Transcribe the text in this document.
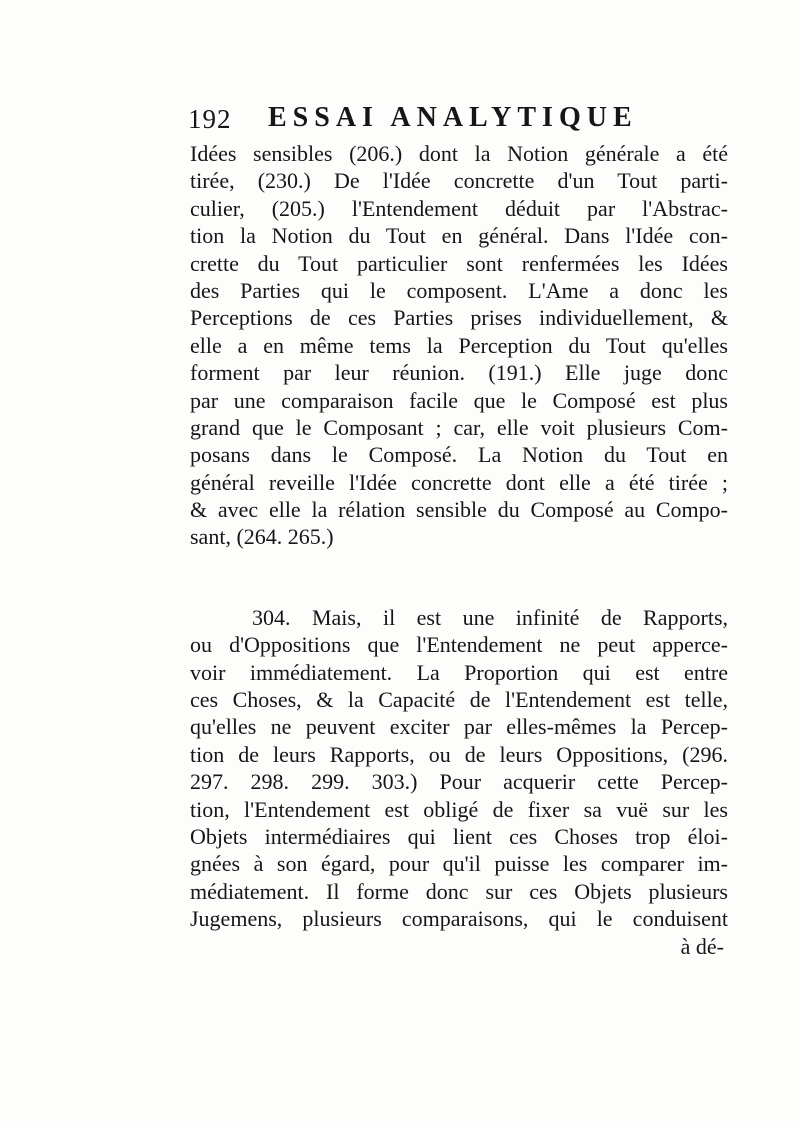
192 ESSAI ANALYTIQUE
Idées sensibles (206.) dont la Notion générale a été
tirée, (230.) De l'Idée concrette d'un Tout parti-
culier, (205.) l'Entendement déduit par l'Abstrac-
tion la Notion du Tout en général. Dans l'Idée con-
crette du Tout particulier sont renfermées les Idées
des Parties qui le composent. L'Ame a donc les
Perceptions de ces Parties prises individuellement, &
elle a en même tems la Perception du Tout qu'elles
forment par leur réunion. (191.) Elle juge donc
par une comparaison facile que le Composé est plus
grand que le Composant ; car, elle voit plusieurs Com-
posans dans le Composé. La Notion du Tout en
général reveille l'Idée concrette dont elle a été tirée ;
& avec elle la rélation sensible du Composé au Compo-
sant, (264. 265.)
304. Mais, il est une infinité de Rapports,
ou d'Oppositions que l'Entendement ne peut apperce-
voir immédiatement. La Proportion qui est entre
ces Choses, & la Capacité de l'Entendement est telle,
qu'elles ne peuvent exciter par elles-mêmes la Percep-
tion de leurs Rapports, ou de leurs Oppositions, (296.
297. 298. 299. 303.) Pour acquerir cette Percep-
tion, l'Entendement est obligé de fixer sa vuë sur les
Objets intermédiaires qui lient ces Choses trop éloi-
gnées à son égard, pour qu'il puisse les comparer im-
médiatement. Il forme donc sur ces Objets plusieurs
Jugemens, plusieurs comparaisons, qui le conduisent
à dé-
